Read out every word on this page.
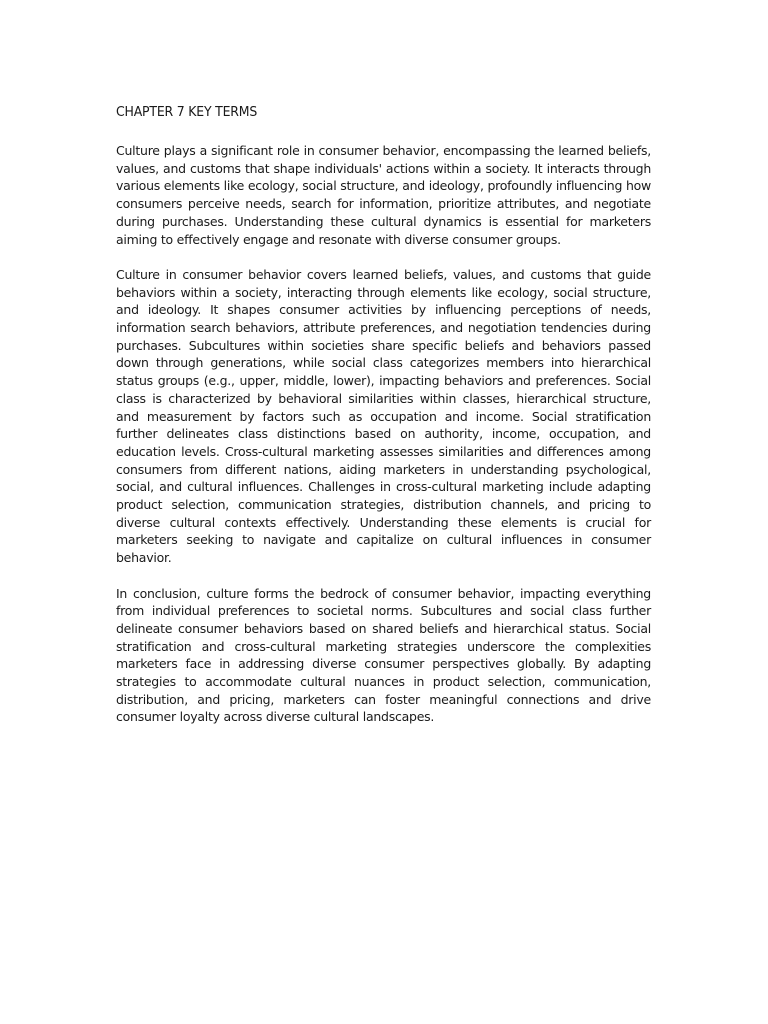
CHAPTER 7 KEY TERMS

Culture plays a significant role in consumer behavior, encompassing the learned beliefs, values, and customs that shape individuals' actions within a society. It interacts through various elements like ecology, social structure, and ideology, profoundly influencing how consumers perceive needs, search for information, prioritize attributes, and negotiate during purchases. Understanding these cultural dynamics is essential for marketers aiming to effectively engage and resonate with diverse consumer groups.

Culture in consumer behavior covers learned beliefs, values, and customs that guide behaviors within a society, interacting through elements like ecology, social structure, and ideology. It shapes consumer activities by influencing perceptions of needs, information search behaviors, attribute preferences, and negotiation tendencies during purchases. Subcultures within societies share specific beliefs and behaviors passed down through generations, while social class categorizes members into hierarchical status groups (e.g., upper, middle, lower), impacting behaviors and preferences. Social class is characterized by behavioral similarities within classes, hierarchical structure, and measurement by factors such as occupation and income. Social stratification further delineates class distinctions based on authority, income, occupation, and education levels. Cross-cultural marketing assesses similarities and differences among consumers from different nations, aiding marketers in understanding psychological, social, and cultural influences. Challenges in cross-cultural marketing include adapting product selection, communication strategies, distribution channels, and pricing to diverse cultural contexts effectively. Understanding these elements is crucial for marketers seeking to navigate and capitalize on cultural influences in consumer behavior.

In conclusion, culture forms the bedrock of consumer behavior, impacting everything from individual preferences to societal norms. Subcultures and social class further delineate consumer behaviors based on shared beliefs and hierarchical status. Social stratification and cross-cultural marketing strategies underscore the complexities marketers face in addressing diverse consumer perspectives globally. By adapting strategies to accommodate cultural nuances in product selection, communication, distribution, and pricing, marketers can foster meaningful connections and drive consumer loyalty across diverse cultural landscapes.
